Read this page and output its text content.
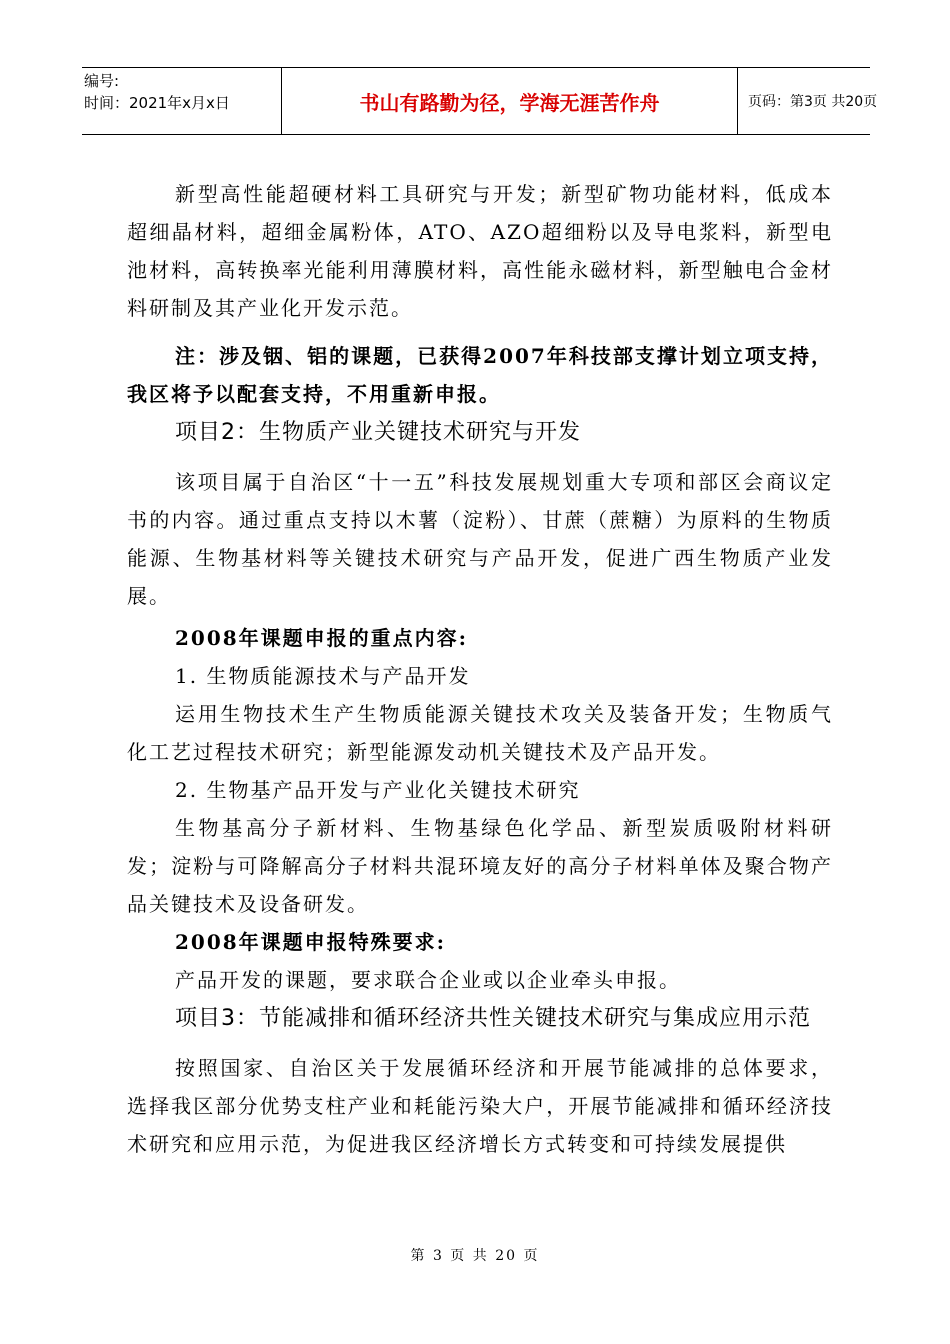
编号:
时间：2021年x月x日	书山有路勤为径，学海无涯苦作舟	页码：第3页 共20页

新型高性能超硬材料工具研究与开发；新型矿物功能材料，低成本超细晶材料，超细金属粉体，ATO、AZO超细粉以及导电浆料，新型电池材料，高转换率光能利用薄膜材料，高性能永磁材料，新型触电合金材料研制及其产业化开发示范。

注：涉及铟、铝的课题，已获得2007年科技部支撑计划立项支持，我区将予以配套支持，不用重新申报。

项目2：生物质产业关键技术研究与开发

该项目属于自治区“十一五”科技发展规划重大专项和部区会商议定书的内容。通过重点支持以木薯（淀粉）、甘蔗（蔗糖）为原料的生物质能源、生物基材料等关键技术研究与产品开发，促进广西生物质产业发展。

2008年课题申报的重点内容:

1. 生物质能源技术与产品开发

运用生物技术生产生物质能源关键技术攻关及装备开发；生物质气化工艺过程技术研究；新型能源发动机关键技术及产品开发。

2. 生物基产品开发与产业化关键技术研究

生物基高分子新材料、生物基绿色化学品、新型炭质吸附材料研发；淀粉与可降解高分子材料共混环境友好的高分子材料单体及聚合物产品关键技术及设备研发。

2008年课题申报特殊要求:

产品开发的课题，要求联合企业或以企业牵头申报。

项目3：节能减排和循环经济共性关键技术研究与集成应用示范

按照国家、自治区关于发展循环经济和开展节能减排的总体要求，选择我区部分优势支柱产业和耗能污染大户，开展节能减排和循环经济技术研究和应用示范，为促进我区经济增长方式转变和可持续发展提供

第 3 页 共 20 页
